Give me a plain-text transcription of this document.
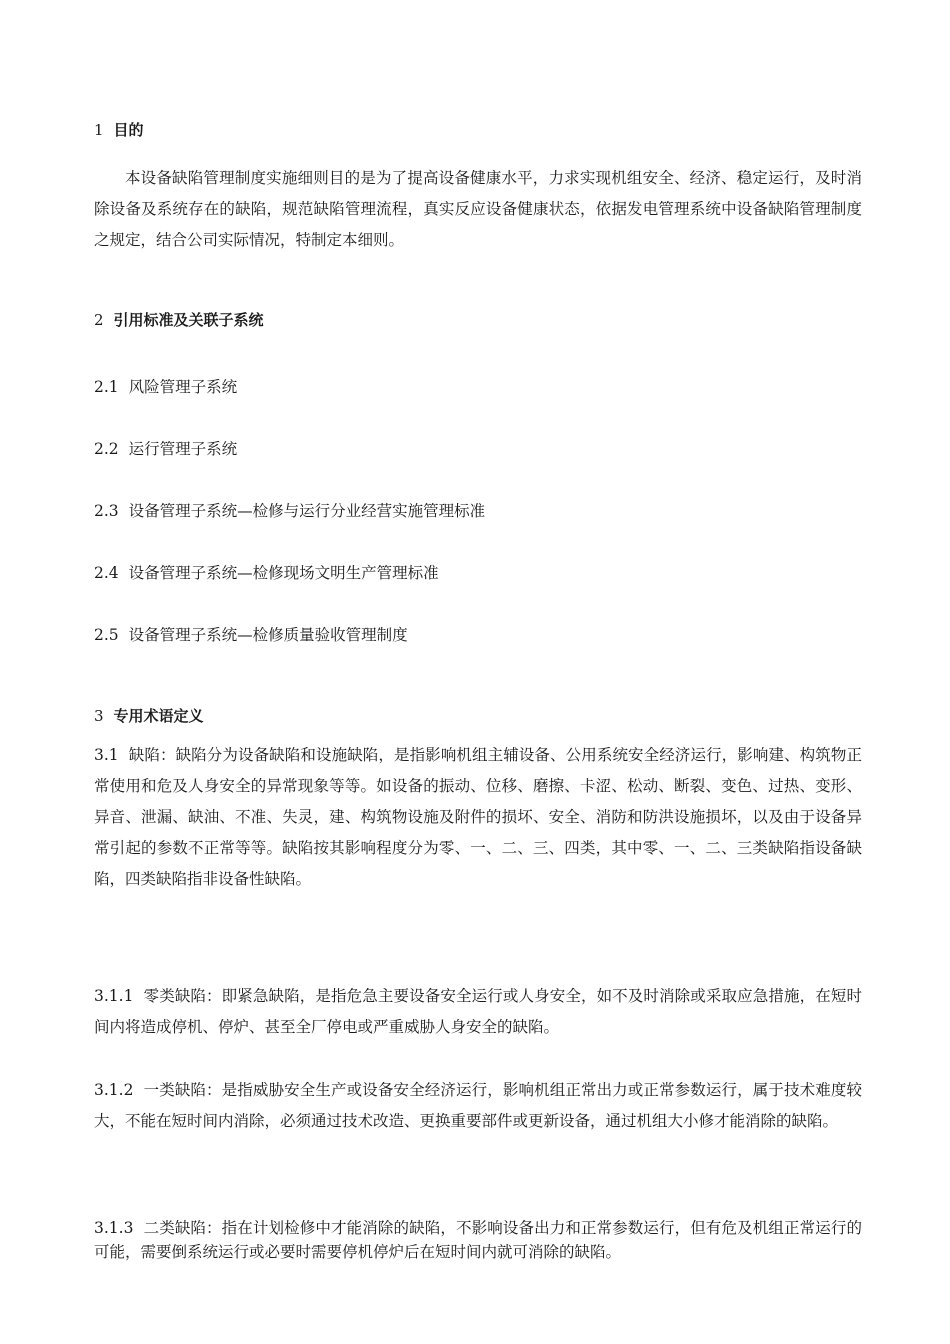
1 目的

本设备缺陷管理制度实施细则目的是为了提高设备健康水平，力求实现机组安全、经济、稳定运行，及时消除设备及系统存在的缺陷，规范缺陷管理流程，真实反应设备健康状态，依据发电管理系统中设备缺陷管理制度之规定，结合公司实际情况，特制定本细则。

2 引用标准及关联子系统
2.1 风险管理子系统
2.2 运行管理子系统
2.3 设备管理子系统—检修与运行分业经营实施管理标准
2.4 设备管理子系统—检修现场文明生产管理标准
2.5 设备管理子系统—检修质量验收管理制度
3 专用术语定义

3.1 缺陷：缺陷分为设备缺陷和设施缺陷，是指影响机组主辅设备、公用系统安全经济运行，影响建、构筑物正常使用和危及人身安全的异常现象等等。如设备的振动、位移、磨擦、卡涩、松动、断裂、变色、过热、变形、异音、泄漏、缺油、不准、失灵，建、构筑物设施及附件的损坏、安全、消防和防洪设施损坏，以及由于设备异常引起的参数不正常等等。缺陷按其影响程度分为零、一、二、三、四类，其中零、一、二、三类缺陷指设备缺陷，四类缺陷指非设备性缺陷。

3.1.1 零类缺陷：即紧急缺陷，是指危急主要设备安全运行或人身安全，如不及时消除或采取应急措施，在短时间内将造成停机、停炉、甚至全厂停电或严重威胁人身安全的缺陷。

3.1.2 一类缺陷：是指威胁安全生产或设备安全经济运行，影响机组正常出力或正常参数运行，属于技术难度较大，不能在短时间内消除，必须通过技术改造、更换重要部件或更新设备，通过机组大小修才能消除的缺陷。

3.1.3 二类缺陷：指在计划检修中才能消除的缺陷，不影响设备出力和正常参数运行，但有危及机组正常运行的可能，需要倒系统运行或必要时需要停机停炉后在短时间内就可消除的缺陷。
